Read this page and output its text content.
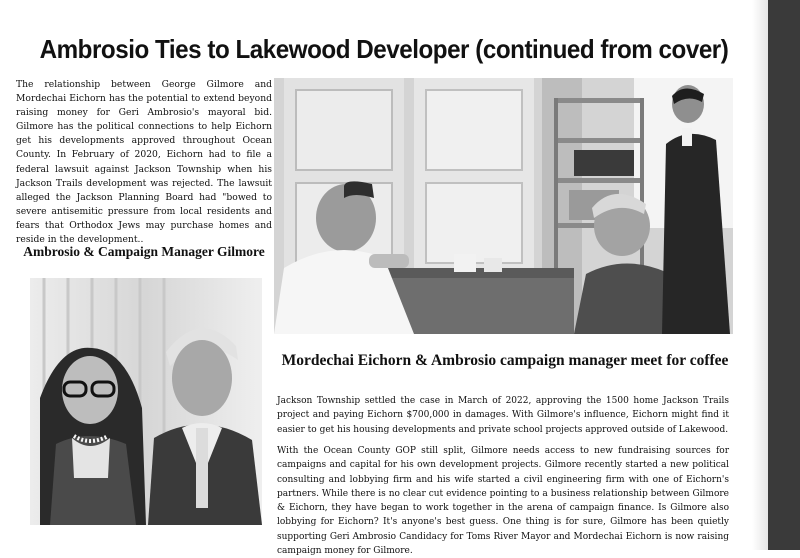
Ambrosio Ties to Lakewood Developer (continued from cover)
The relationship between George Gilmore and Mordechai Eichorn has the potential to extend beyond raising money for Geri Ambrosio's mayoral bid. Gilmore has the political connections to help Eichorn get his developments approved throughout Ocean County. In February of 2020, Eichorn had to file a federal lawsuit against Jackson Township when his Jackson Trails development was rejected. The lawsuit alleged the Jackson Planning Board had "bowed to severe antisemitic pressure from local residents and fears that Orthodox Jews may purchase homes and reside in the development..
Ambrosio & Campaign Manager Gilmore
Mordechai Eichorn & Ambrosio campaign manager meet for coffee
Jackson Township settled the case in March of 2022, approving the 1500 home Jackson Trails project and paying Eichorn $700,000 in damages. With Gilmore's influence, Eichorn might find it easier to get his housing developments and private school projects approved outside of Lakewood.
With the Ocean County GOP still split, Gilmore needs access to new fundraising sources for campaigns and capital for his own development projects. Gilmore recently started a new political consulting and lobbying firm and his wife started a civil engineering firm with one of Eichorn's partners. While there is no clear cut evidence pointing to a business relationship between Gilmore & Eichorn, they have began to work together in the arena of campaign finance. Is Gilmore also lobbying for Eichorn? It's anyone's best guess. One thing is for sure, Gilmore has been quietly supporting Geri Ambrosio Candidacy for Toms River Mayor and Mordechai Eichorn is now raising campaign money for Gilmore.
